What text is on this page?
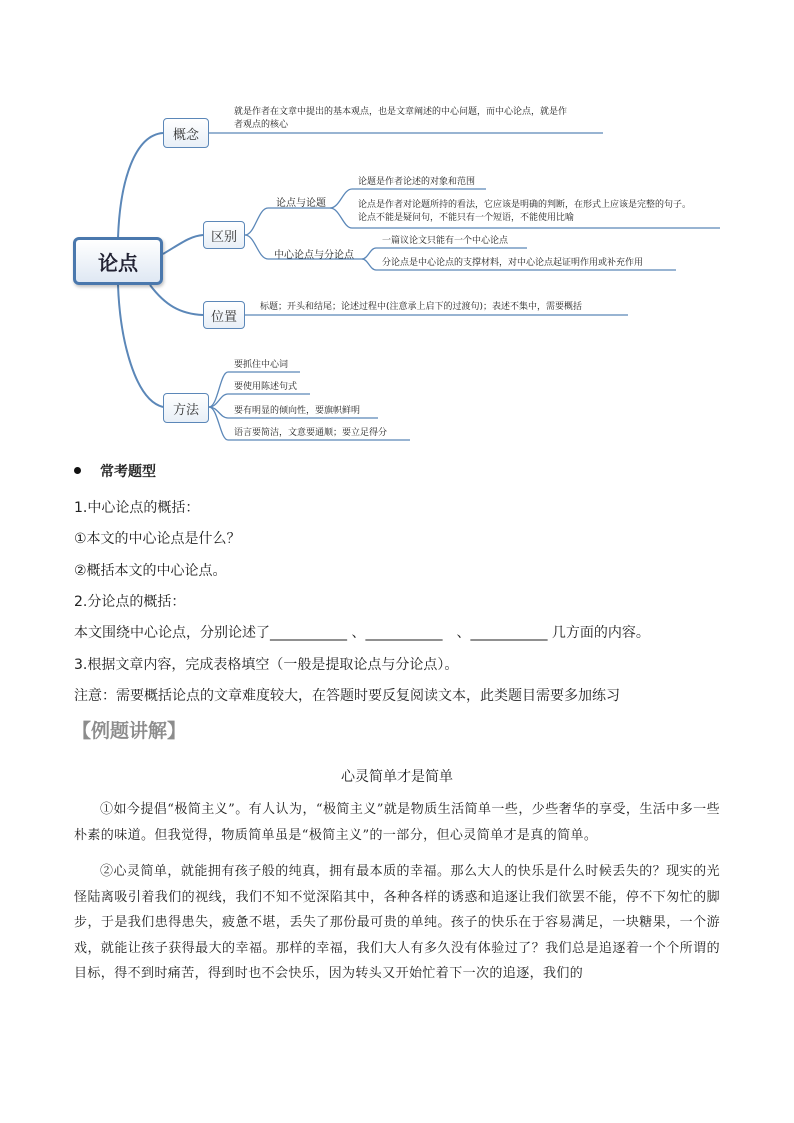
论点
概念
区别
位置
方法
就是作者在文章中提出的基本观点，也是文章阐述的中心问题，而中心论点，就是作
者观点的核心
论点与论题
中心论点与分论点
论题是作者论述的对象和范围
论点是作者对论题所持的看法，它应该是明确的判断，在形式上应该是完整的句子。
论点不能是疑问句，不能只有一个短语，不能使用比喻
一篇议论文只能有一个中心论点
分论点是中心论点的支撑材料，对中心论点起证明作用或补充作用
标题；开头和结尾；论述过程中(注意承上启下的过渡句)；表述不集中，需要概括
要抓住中心词
要使用陈述句式
要有明显的倾向性，要旗帜鲜明
语言要简洁，文意要通顺；要立足得分
常考题型
1.中心论点的概括：
①本文的中心论点是什么？
②概括本文的中心论点。
2.分论点的概括：
本文围绕中心论点，分别论述了___________ 、___________　、___________ 几方面的内容。
3.根据文章内容，完成表格填空（一般是提取论点与分论点）。
注意：需要概括论点的文章难度较大，在答题时要反复阅读文本，此类题目需要多加练习
【例题讲解】
心灵简单才是简单
①如今提倡“极简主义”。有人认为，“极简主义”就是物质生活简单一些，少些奢华的享受，生活中多一些朴素的味道。但我觉得，物质简单虽是“极简主义”的一部分，但心灵简单才是真的简单。
②心灵简单，就能拥有孩子般的纯真，拥有最本质的幸福。那么大人的快乐是什么时候丢失的？现实的光怪陆离吸引着我们的视线，我们不知不觉深陷其中，各种各样的诱惑和追逐让我们欲罢不能，停不下匆忙的脚步，于是我们患得患失，疲惫不堪，丢失了那份最可贵的单纯。孩子的快乐在于容易满足，一块糖果，一个游戏，就能让孩子获得最大的幸福。那样的幸福，我们大人有多久没有体验过了？我们总是追逐着一个个所谓的目标，得不到时痛苦，得到时也不会快乐，因为转头又开始忙着下一次的追逐，我们的
